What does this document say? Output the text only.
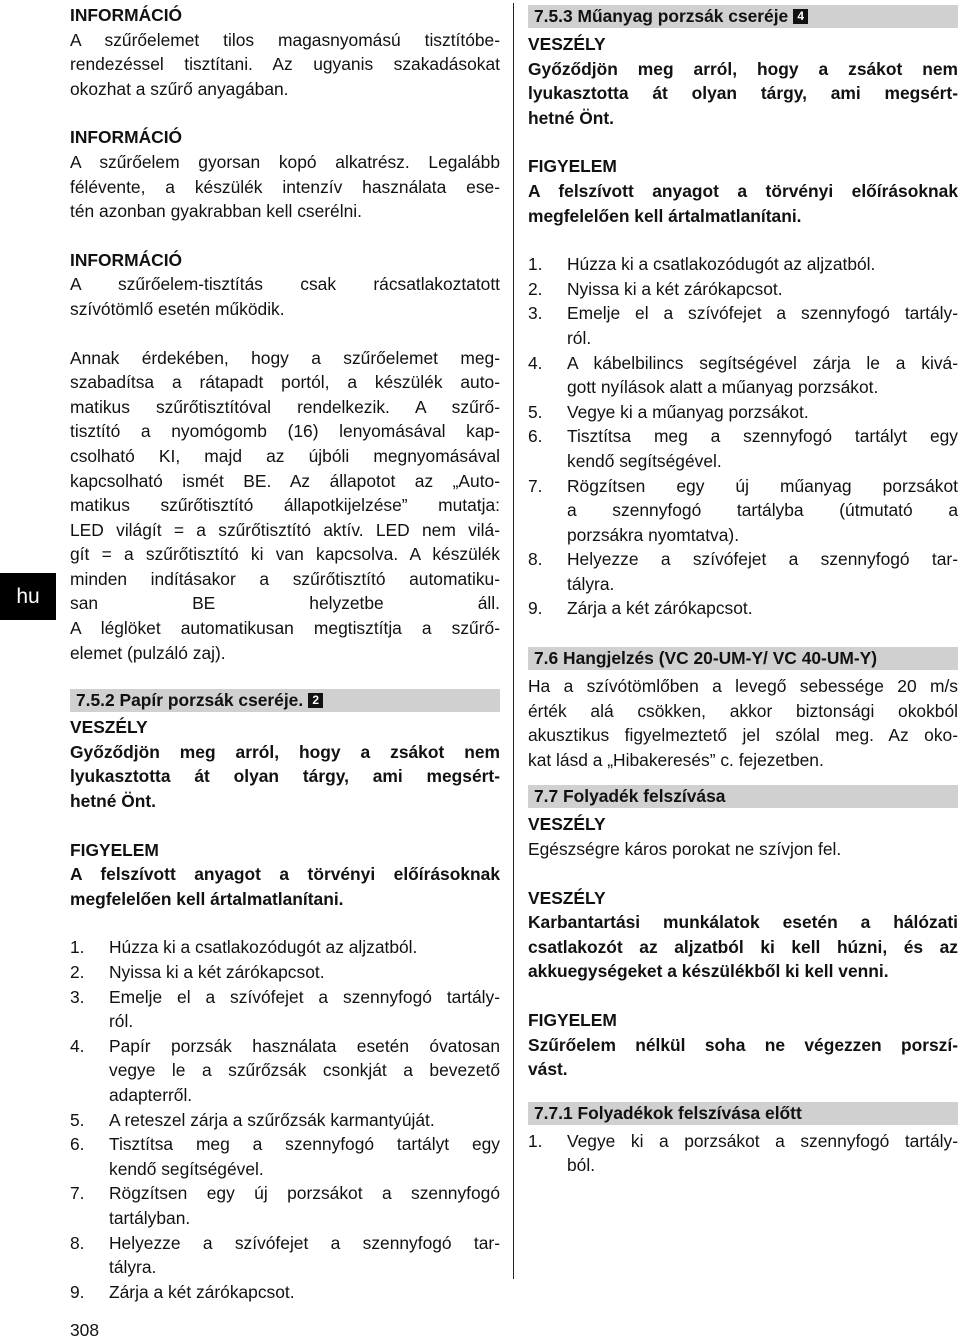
hu
308

INFORMÁCIÓ

A szűrőelemet tilos magasnyomású tisztítóbe-
rendezéssel tisztítani. Az ugyanis szakadásokat
okozhat a szűrő anyagában.

INFORMÁCIÓ

A szűrőelem gyorsan kopó alkatrész. Legalább
félévente, a készülék intenzív használata ese-
tén azonban gyakrabban kell cserélni.

INFORMÁCIÓ

A szűrőelem-tisztítás csak rácsatlakoztatott
szívótömlő esetén működik.
Annak érdekében, hogy a szűrőelemet meg-
szabadítsa a rátapadt portól, a készülék auto-
matikus szűrőtisztítóval rendelkezik. A szűrő-
tisztító a nyomógomb (16) lenyomásával kap-
csolható KI, majd az újbóli megnyomásával
kapcsolható ismét BE. Az állapotot az „Auto-
matikus szűrőtisztító állapotkijelzése” mutatja:
LED világít = a szűrőtisztító aktív. LED nem vilá-
gít = a szűrőtisztító ki van kapcsolva. A készülék
minden indításakor a szűrőtisztító automatiku-
san BE helyzetbe áll.
A léglöket automatikusan megtisztítja a szűrő-
elemet (pulzáló zaj).
7.5.2 Papír porzsák cseréje. 2

VESZÉLY

Győződjön meg arról, hogy a zsákot nem
lyukasztotta át olyan tárgy, ami megsért-
hetné Önt.

FIGYELEM

A felszívott anyagot a törvényi előírásoknak
megfelelően kell ártalmatlanítani.
1. Húzza ki a csatlakozódugót az aljzatból.
2. Nyissa ki a két zárókapcsot.
3. Emelje el a szívófejet a szennyfogó tartály-
ról.
4. Papír porzsák használata esetén óvatosan
vegye le a szűrőzsák csonkját a bevezető
adapterről.
5. A reteszel zárja a szűrőzsák karmantyúját.
6. Tisztítsa meg a szennyfogó tartályt egy
kendő segítségével.
7. Rögzítsen egy új porzsákot a szennyfogó
tartályban.
8. Helyezze a szívófejet a szennyfogó tar-
tályra.
9. Zárja a két zárókapcsot.
7.5.3 Műanyag porzsák cseréje 4

VESZÉLY

Győződjön meg arról, hogy a zsákot nem
lyukasztotta át olyan tárgy, ami megsért-
hetné Önt.

FIGYELEM

A felszívott anyagot a törvényi előírásoknak
megfelelően kell ártalmatlanítani.
1. Húzza ki a csatlakozódugót az aljzatból.
2. Nyissa ki a két zárókapcsot.
3. Emelje el a szívófejet a szennyfogó tartály-
ról.
4. A kábelbilincs segítségével zárja le a kivá-
gott nyílások alatt a műanyag porzsákot.
5. Vegye ki a műanyag porzsákot.
6. Tisztítsa meg a szennyfogó tartályt egy
kendő segítségével.
7. Rögzítsen egy új műanyag porzsákot
a szennyfogó tartályba (útmutató a
porzsákra nyomtatva).
8. Helyezze a szívófejet a szennyfogó tar-
tályra.
9. Zárja a két zárókapcsot.
7.6 Hangjelzés (VC 20-UM-Y/ VC 40-UM-Y)
Ha a szívótömlőben a levegő sebessége 20 m/s
érték alá csökken, akkor biztonsági okokból
akusztikus figyelmeztető jel szólal meg. Az oko-
kat lásd a „Hibakeresés” c. fejezetben.
7.7 Folyadék felszívása

VESZÉLY

Egészségre káros porokat ne szívjon fel.

VESZÉLY

Karbantartási munkálatok esetén a hálózati
csatlakozót az aljzatból ki kell húzni, és az
akkuegységeket a készülékből ki kell venni.

FIGYELEM

Szűrőelem nélkül soha ne végezzen porszí-
vást.
7.7.1 Folyadékok felszívása előtt
1. Vegye ki a porzsákot a szennyfogó tartály-
ból.
